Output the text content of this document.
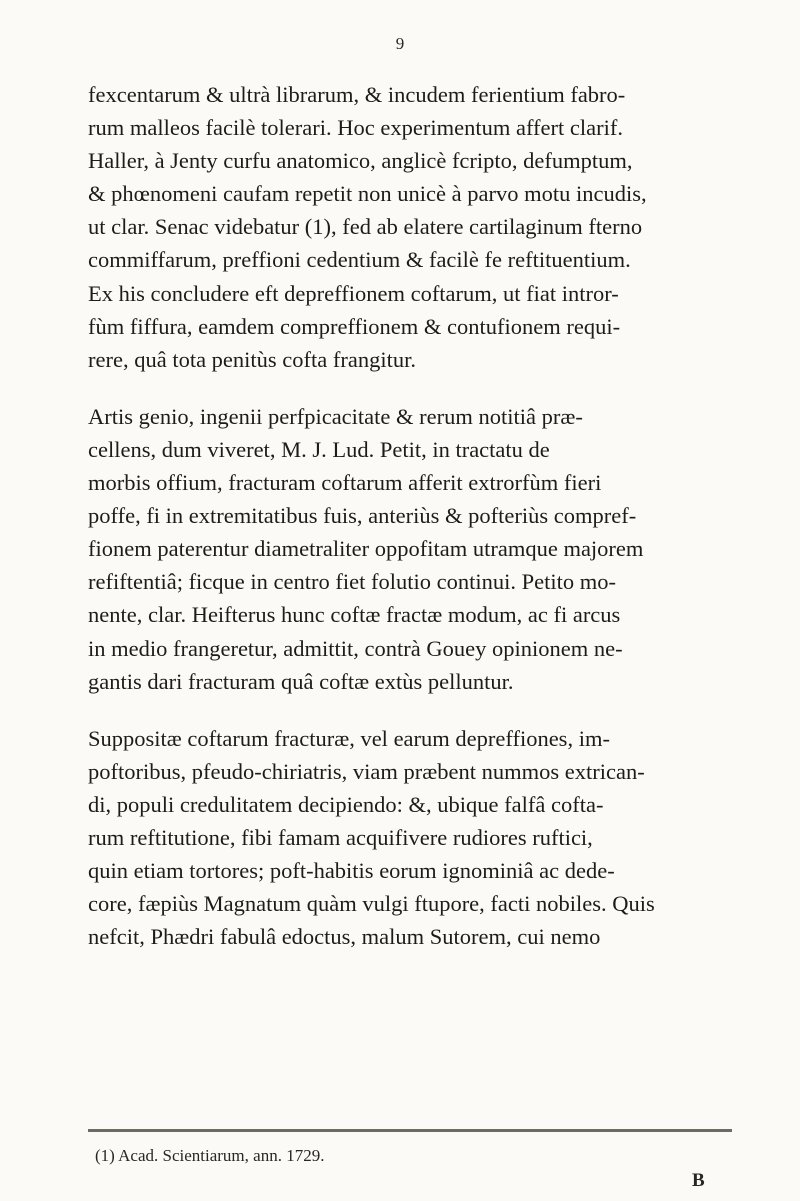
9
fexcentarum & ultrà librarum, & incudem ferientium fabro-
rum malleos facilè tolerari. Hoc experimentum affert clarif.
Haller, à Jenty curfu anatomico, anglicè fcripto, defumptum,
& phœnomeni caufam repetit non unicè à parvo motu incudis,
ut clar. Senac videbatur (1), fed ab elatere cartilaginum fterno
commiffarum, preffioni cedentium & facilè fe reftituentium.
Ex his concludere eft depreffionem coftarum, ut fiat intror-
fùm fiffura, eamdem compreffionem & contufionem requi-
rere, quâ tota penitùs cofta frangitur.
Artis genio, ingenii perfpicacitate & rerum notitiâ præ-
cellens, dum viveret, M. J. Lud. Petit, in tractatu de
morbis offium, fracturam coftarum afferit extrorfùm fieri
poffe, fi in extremitatibus fuis, anteriùs & pofteriùs compref-
fionem paterentur diametraliter oppofitam utramque majorem
refiftentiâ; ficque in centro fiet folutio continui. Petito mo-
nente, clar. Heifterus hunc coftæ fractæ modum, ac fi arcus
in medio frangeretur, admittit, contrà Gouey opinionem ne-
gantis dari fracturam quâ coftæ extùs pelluntur.
Suppositæ coftarum fracturæ, vel earum depreffiones, im-
poftoribus, pfeudo-chiriatris, viam præbent nummos extrican-
di, populi credulitatem decipiendo: &, ubique falfâ cofta-
rum reftitutione, fibi famam acquifivere rudiores ruftici,
quin etiam tortores; poft-habitis eorum ignominiâ ac dede-
core, fæpiùs Magnatum quàm vulgi ftupore, facti nobiles. Quis
nefcit, Phædri fabulâ edoctus, malum Sutorem, cui nemo
(1) Acad. Scientiarum, ann. 1729.
B
